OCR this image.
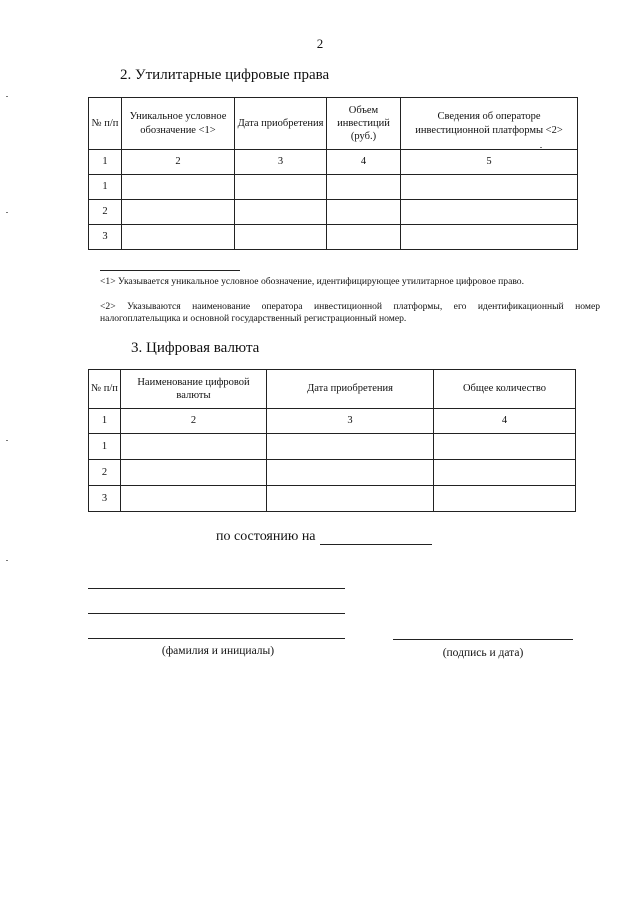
2
2. Утилитарные цифровые права
№ п/п	Уникальное условное обозначение <1>	Дата приобретения	Объем инвестиций (руб.)	Сведения об операторе инвестиционной платформы <2>
1	2	3	4	5
1				
2				
3				
<1> Указывается уникальное условное обозначение, идентифицирующее утилитарное цифровое право.
<2> Указываются наименование оператора инвестиционной платформы, его идентификационный номер налогоплательщика и основной государственный регистрационный номер.
3. Цифровая валюта
№ п/п	Наименование цифровой валюты	Дата приобретения	Общее количество
1	2	3	4
1			
2			
3			
по состоянию на
(фамилия и инициалы)	(подпись и дата)
